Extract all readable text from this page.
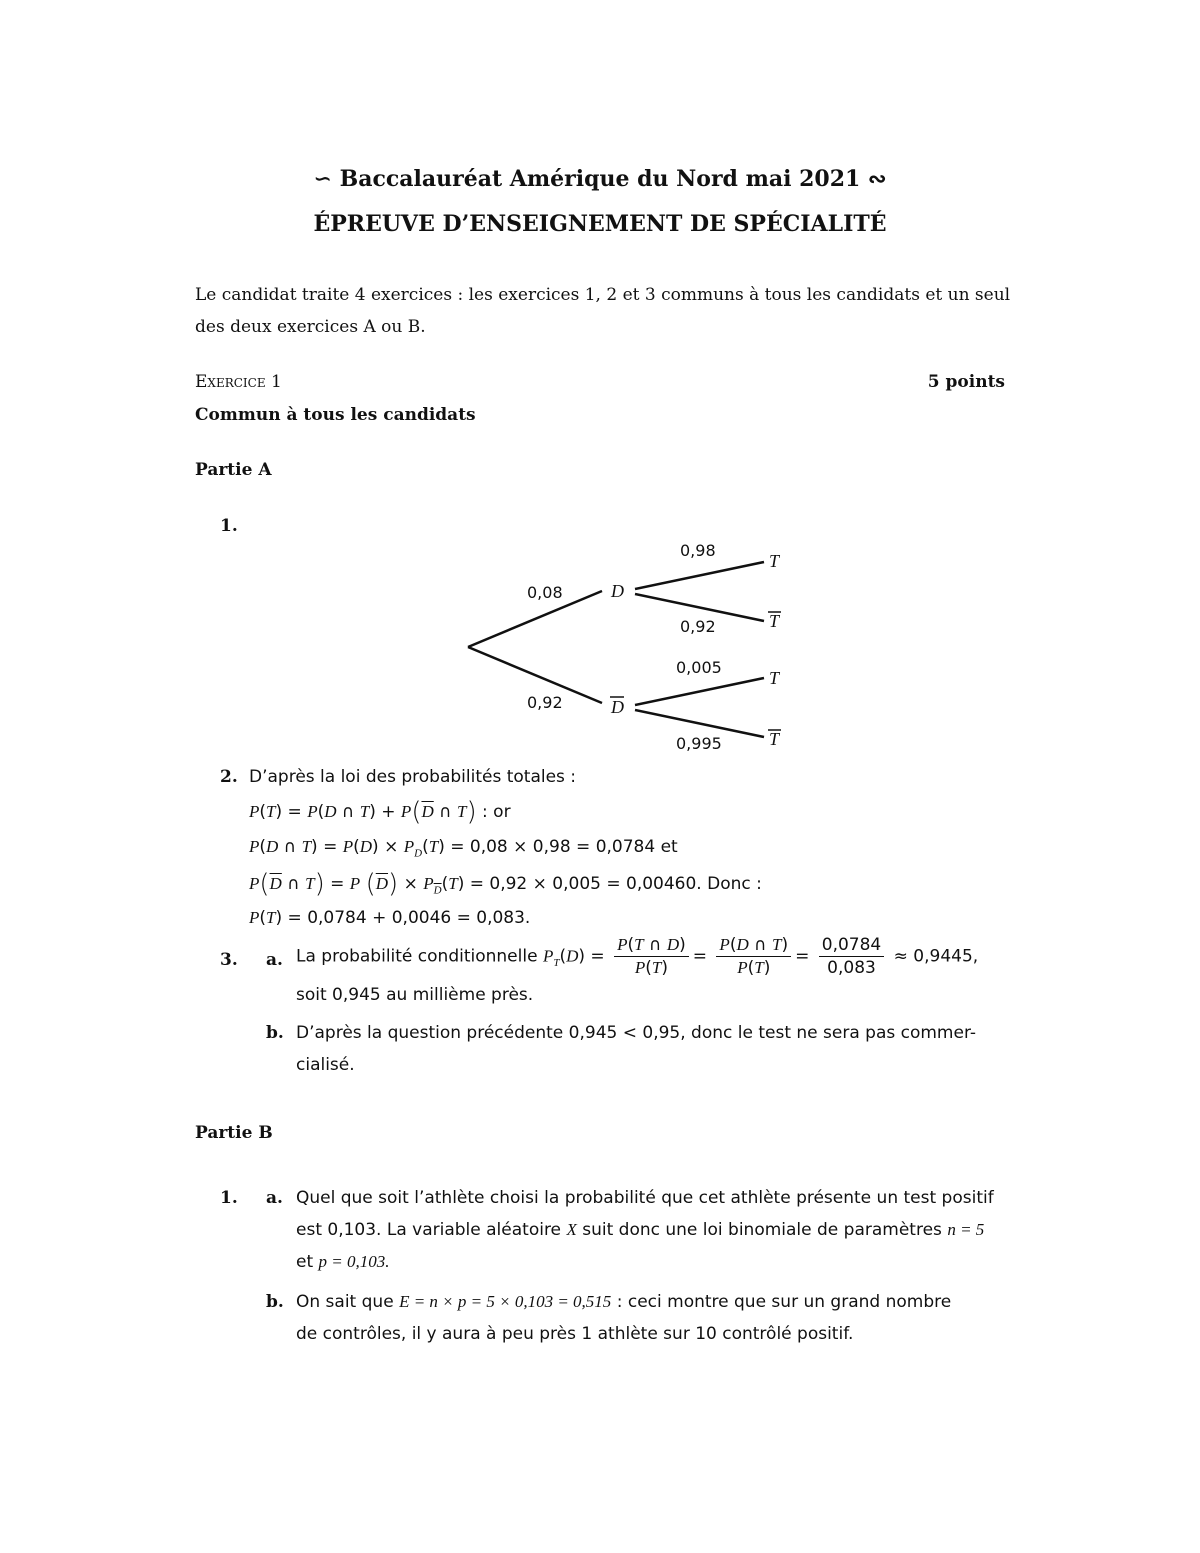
∽ Baccalauréat Amérique du Nord mai 2021 ∾
ÉPREUVE D’ENSEIGNEMENT DE SPÉCIALITÉ
Le candidat traite 4 exercices : les exercices 1, 2 et 3 communs à tous les candidats et un seul
des deux exercices A ou B.
Exercice 1	5 points
Commun à tous les candidats
Partie A
1.
0,08
0,92
0,98
0,92
0,005
0,995
D
D
T
T
T
T
2. D’après la loi des probabilités totales :
P(T) = P(D ∩ $T) + P(\overline{D}$ ∩ T) : or
P(D ∩ $T) = P(D) \times P_D(T) = 0,08 \times 0,98 = 0,0784$ et
$P(\overline{D}$ ∩ T) = P $(\overline{D}) \times P_{\overline{D}}(T) = 0,92 \times 0,005 = 0,00460$. Donc :
P(T) = 0,0784 + 0,0046 = 0,083.
3. a. La probabilité conditionnelle $P_T(D) = \frac{P(T \cap D)}{P(T)} = \frac{P(D \cap T)}{P(T)} = \frac{0,0784}{0,083} \approx 0,9445$,
soit 0,945 au millième près.
b. D’après la question précédente 0,945 < 0,95, donc le test ne sera pas commer-
cialisé.
Partie B
1. a. Quel que soit l’athlète choisi la probabilité que cet athlète présente un test positif
est 0,103. La variable aléatoire X suit donc une loi binomiale de paramètres n = 5
et p = 0,103.
b. On sait que E = n × p = 5 × 0,103 = 0,515 : ceci montre que sur un grand nombre
de contrôles, il y aura à peu près 1 athlète sur 10 contrôlé positif.
